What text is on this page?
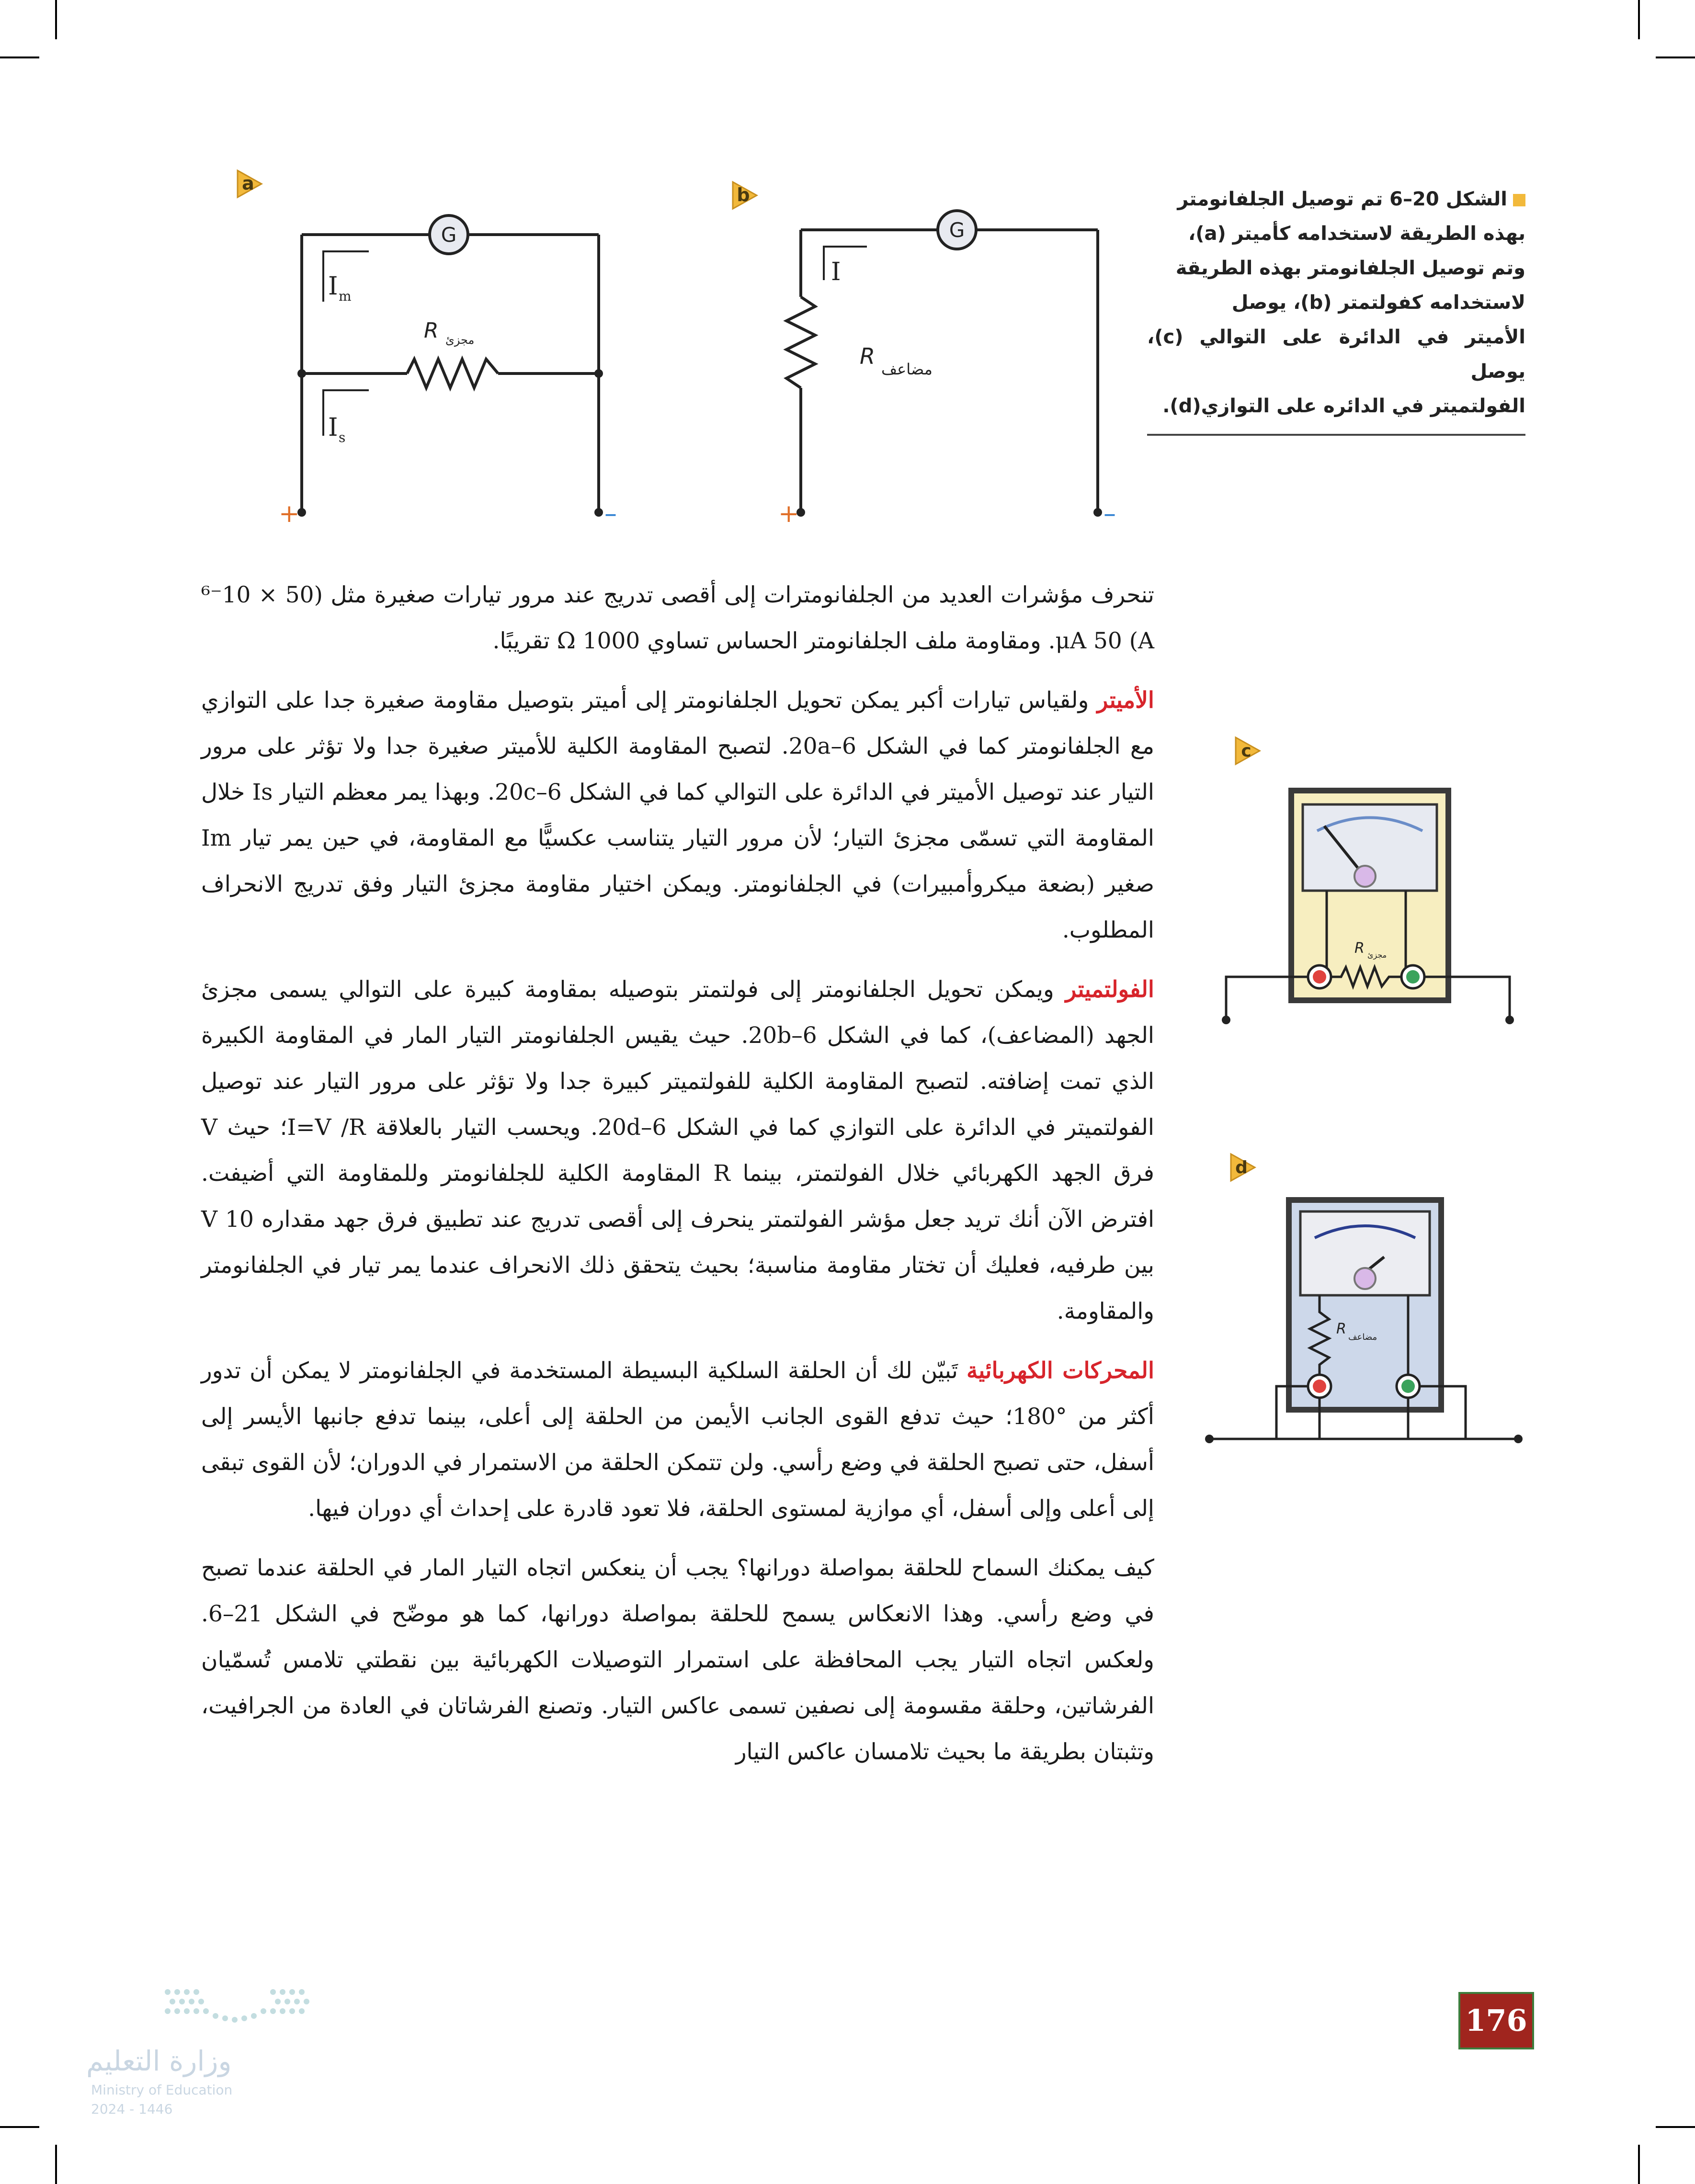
a
G
I m
I s
R مجزئ
+	–
b
G
I
R مضاعف
+	–
الشكل 20–6 تم توصيل الجلفانومتر
بهذه الطريقة لاستخدامه كأميتر (a)،
وتم توصيل الجلفانومتر بهذه الطريقة
لاستخدامه كفولتمتر (b)، يوصل
الأميتر في الدائرة على التوالي (c)، يوصل
الفولتميتر في الدائره على التوازي(d).

تنحرف مؤشرات العديد من الجلفانومترات إلى أقصى تدريج عند مرور تيارات صغيرة مثل (50 × 10⁻⁶ A) μA 50. ومقاومة ملف الجلفانومتر الحساس تساوي Ω 1000 تقريبًا.

الأميتر ولقياس تيارات أكبر يمكن تحويل الجلفانومتر إلى أميتر بتوصيل مقاومة صغيرة جدا على التوازي مع الجلفانومتر كما في الشكل 20a–6. لتصبح المقاومة الكلية للأميتر صغيرة جدا ولا تؤثر على مرور التيار عند توصيل الأميتر في الدائرة على التوالي كما في الشكل 20c–6. وبهذا يمر معظم التيار Is خلال المقاومة التي تسمّى مجزئ التيار؛ لأن مرور التيار يتناسب عكسيًّا مع المقاومة، في حين يمر تيار Im صغير (بضعة ميكروأمبيرات) في الجلفانومتر. ويمكن اختيار مقاومة مجزئ التيار وفق تدريج الانحراف المطلوب.

الفولتميتر ويمكن تحويل الجلفانومتر إلى فولتمتر بتوصيله بمقاومة كبيرة على التوالي يسمى مجزئ الجهد (المضاعف)، كما في الشكل 20b–6. حيث يقيس الجلفانومتر التيار المار في المقاومة الكبيرة الذي تمت إضافته. لتصبح المقاومة الكلية للفولتميتر كبيرة جدا ولا تؤثر على مرور التيار عند توصيل الفولتميتر في الدائرة على التوازي كما في الشكل 20d–6. ويحسب التيار بالعلاقة I=V /R؛ حيث V فرق الجهد الكهربائي خلال الفولتمتر، بينما R المقاومة الكلية للجلفانومتر وللمقاومة التي أضيفت. افترض الآن أنك تريد جعل مؤشر الفولتمتر ينحرف إلى أقصى تدريج عند تطبيق فرق جهد مقداره V 10 بين طرفيه، فعليك أن تختار مقاومة مناسبة؛ بحيث يتحقق ذلك الانحراف عندما يمر تيار في الجلفانومتر والمقاومة.

المحركات الكهربائية تَبيّن لك أن الحلقة السلكية البسيطة المستخدمة في الجلفانومتر لا يمكن أن تدور أكثر من °180؛ حيث تدفع القوى الجانب الأيمن من الحلقة إلى أعلى، بينما تدفع جانبها الأيسر إلى أسفل، حتى تصبح الحلقة في وضع رأسي. ولن تتمكن الحلقة من الاستمرار في الدوران؛ لأن القوى تبقى إلى أعلى وإلى أسفل، أي موازية لمستوى الحلقة، فلا تعود قادرة على إحداث أي دوران فيها.

كيف يمكنك السماح للحلقة بمواصلة دورانها؟ يجب أن ينعكس اتجاه التيار المار في الحلقة عندما تصبح في وضع رأسي. وهذا الانعكاس يسمح للحلقة بمواصلة دورانها، كما هو موضّح في الشكل 21–6. ولعكس اتجاه التيار يجب المحافظة على استمرار التوصيلات الكهربائية بين نقطتي تلامس تُسمّيان الفرشاتين، وحلقة مقسومة إلى نصفين تسمى عاكس التيار. وتصنع الفرشاتان في العادة من الجرافيت، وتثبتان بطريقة ما بحيث تلامسان عاكس التيار

c
R مجزئ
d
R مضاعف
وزارة التعليم
Ministry of Education
2024 - 1446
176
